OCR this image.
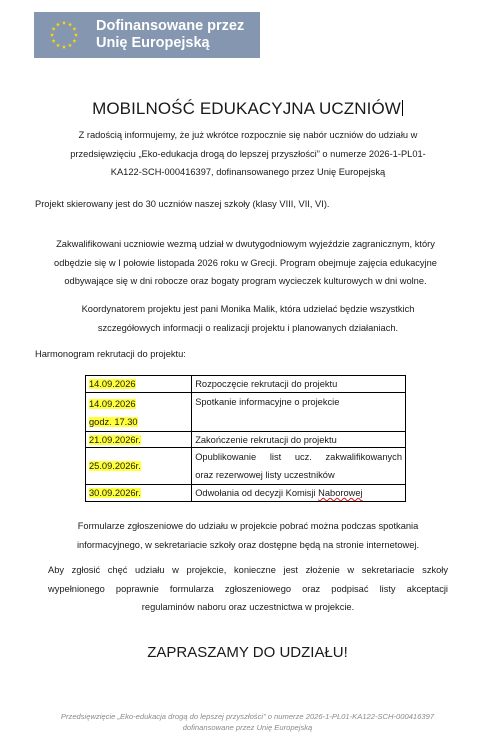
Dofinansowane przez
Unię Europejską
MOBILNOŚĆ EDUKACYJNA UCZNIÓW
Z radością informujemy, że już wkrótce rozpocznie się nabór uczniów do udziału w
przedsięwzięciu „Eko-edukacja drogą do lepszej przyszłości” o numerze 2026-1-PL01-
KA122-SCH-000416397, dofinansowanego przez Unię Europejską
Projekt skierowany jest do 30 uczniów naszej szkoły (klasy VIII, VII, VI).
Zakwalifikowani uczniowie wezmą udział w dwutygodniowym wyjeździe zagranicznym, który
odbędzie się w I połowie listopada 2026 roku w Grecji. Program obejmuje zajęcia edukacyjne
odbywające się w dni robocze oraz bogaty program wycieczek kulturowych w dni wolne.
Koordynatorem projektu jest pani Monika Malik, która udzielać będzie wszystkich
szczegółowych informacji o realizacji projektu i planowanych działaniach.
Harmonogram rekrutacji do projektu:
14.09.2026	Rozpoczęcie rekrutacji do projektu

14.09.2026
godz. 17.30	Spotkanie informacyjne o projekcie
21.09.2026r.	Zakończenie rekrutacji do projektu
25.09.2026r.	Opublikowanie list ucz. zakwalifikowanych
oraz rezerwowej listy uczestników

30.09.2026r.	Odwołania od decyzji Komisji Naborowej
Formularze zgłoszeniowe do udziału w projekcie pobrać można podczas spotkania
informacyjnego, w sekretariacie szkoły oraz dostępne będą na stronie internetowej.
Aby zgłosić chęć udziału w projekcie, konieczne jest złożenie w sekretariacie szkoły
wypełnionego poprawnie formularza zgłoszeniowego oraz podpisać listy akceptacji
regulaminów naboru oraz uczestnictwa w projekcie.
ZAPRASZAMY DO UDZIAŁU!
Przedsięwzięcie „Eko-edukacja drogą do lepszej przyszłości” o numerze 2026-1-PL01-KA122-SCH-000416397
dofinansowane przez Unię Europejską
